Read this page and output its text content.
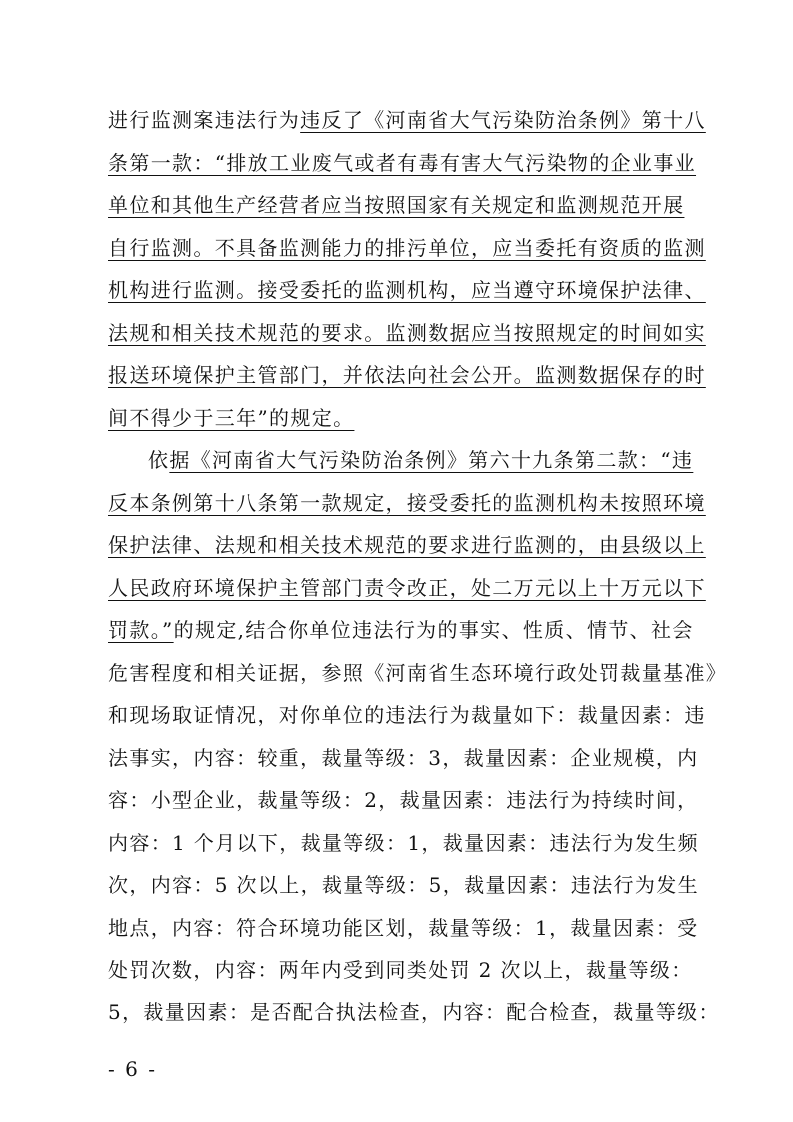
进行监测案违法行为违反了《河南省大气污染防治条例》第十八
条第一款：“排放工业废气或者有毒有害大气污染物的企业事业
单位和其他生产经营者应当按照国家有关规定和监测规范开展
自行监测。不具备监测能力的排污单位，应当委托有资质的监测
机构进行监测。接受委托的监测机构，应当遵守环境保护法律、
法规和相关技术规范的要求。监测数据应当按照规定的时间如实
报送环境保护主管部门，并依法向社会公开。监测数据保存的时
间不得少于三年”的规定。
依据《河南省大气污染防治条例》第六十九条第二款：“违
反本条例第十八条第一款规定，接受委托的监测机构未按照环境
保护法律、法规和相关技术规范的要求进行监测的，由县级以上
人民政府环境保护主管部门责令改正，处二万元以上十万元以下
罚款。”的规定,结合你单位违法行为的事实、性质、情节、社会
危害程度和相关证据，参照《河南省生态环境行政处罚裁量基准》
和现场取证情况，对你单位的违法行为裁量如下：裁量因素：违
法事实，内容：较重，裁量等级：3，裁量因素：企业规模，内
容：小型企业，裁量等级：2，裁量因素：违法行为持续时间，
内容：1 个月以下，裁量等级：1，裁量因素：违法行为发生频
次，内容：5 次以上，裁量等级：5，裁量因素：违法行为发生
地点，内容：符合环境功能区划，裁量等级：1，裁量因素：受
处罚次数，内容：两年内受到同类处罚 2 次以上，裁量等级：
5，裁量因素：是否配合执法检查，内容：配合检查，裁量等级：
- 6 -
